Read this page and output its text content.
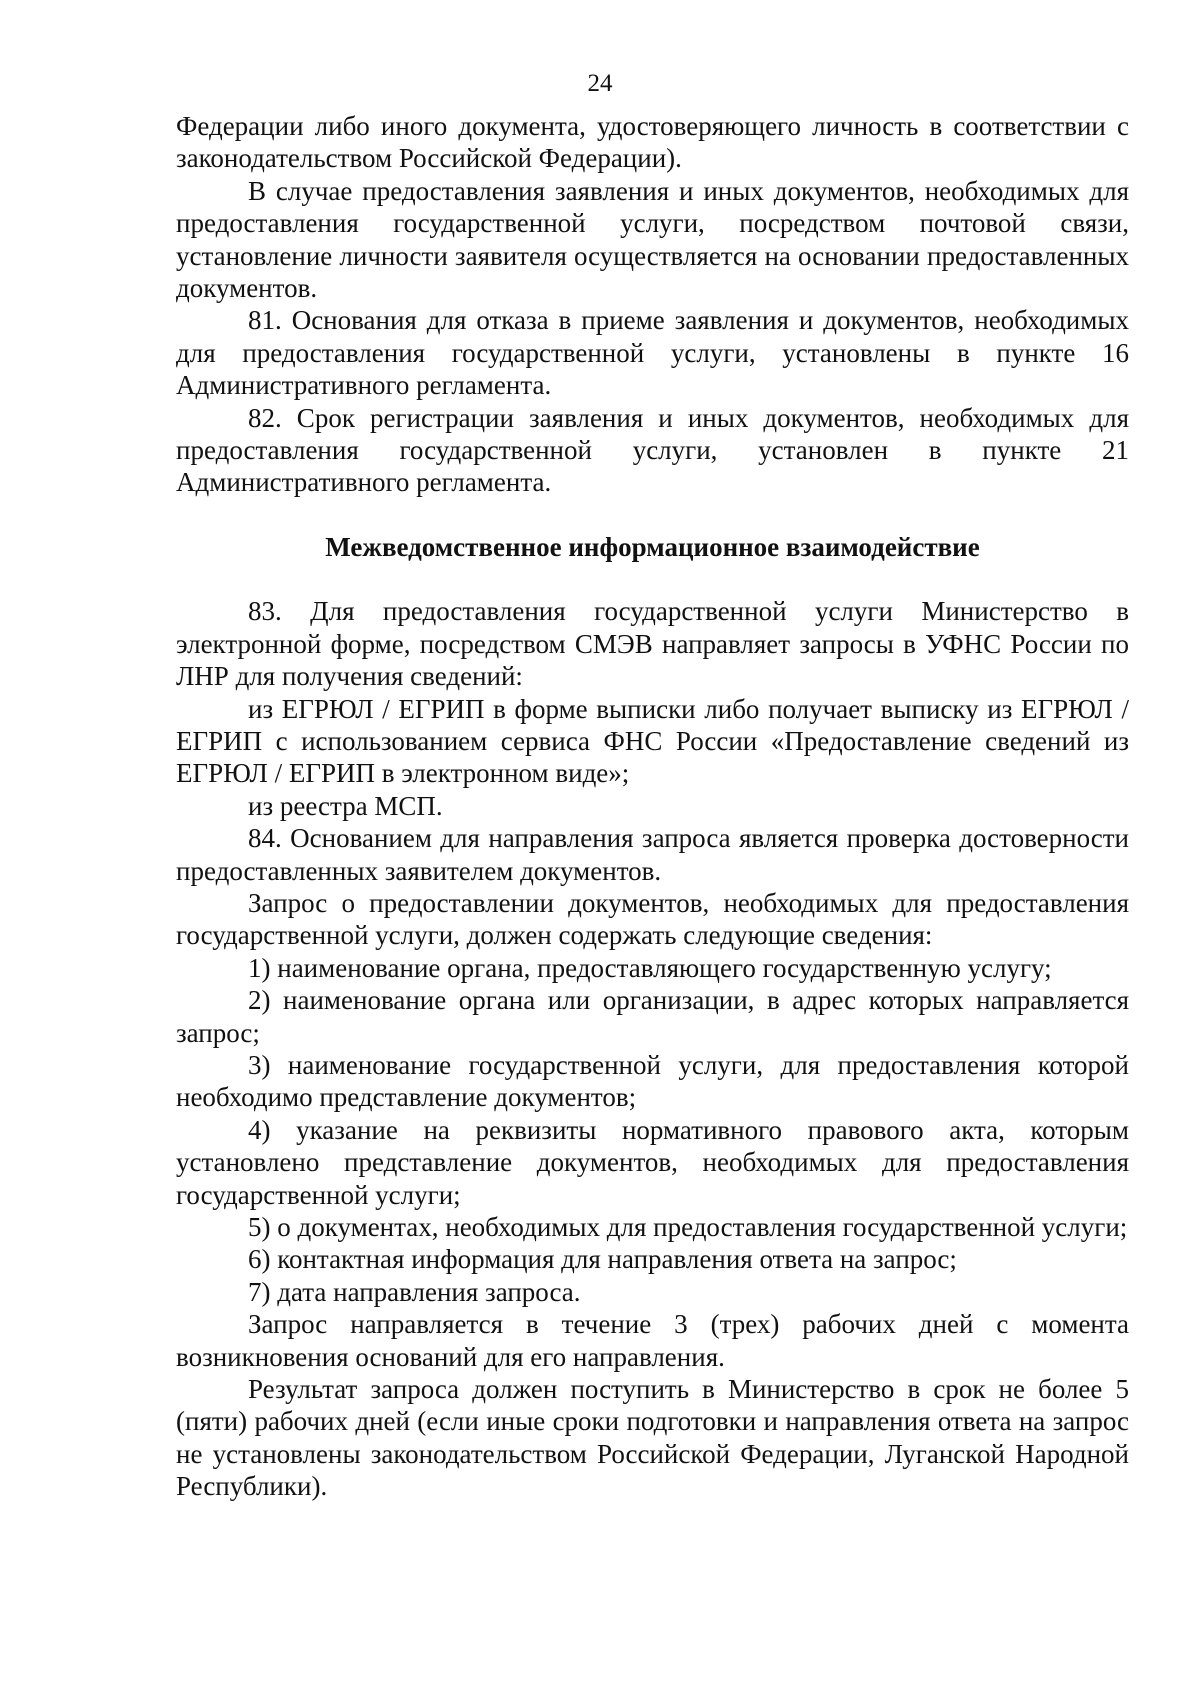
24

Федерации либо иного документа, удостоверяющего личность в соответствии с законодательством Российской Федерации).

В случае предоставления заявления и иных документов, необходимых для предоставления государственной услуги, посредством почтовой связи, установление личности заявителя осуществляется на основании предоставленных документов.

81. Основания для отказа в приеме заявления и документов, необходимых для предоставления государственной услуги, установлены в пункте 16 Административного регламента.

82. Срок регистрации заявления и иных документов, необходимых для предоставления государственной услуги, установлен в пункте 21 Административного регламента.

Межведомственное информационное взаимодействие

83. Для предоставления государственной услуги Министерство в электронной форме, посредством СМЭВ направляет запросы в УФНС России по ЛНР для получения сведений:

из ЕГРЮЛ / ЕГРИП в форме выписки либо получает выписку из ЕГРЮЛ / ЕГРИП с использованием сервиса ФНС России «Предоставление сведений из ЕГРЮЛ / ЕГРИП в электронном виде»;

из реестра МСП.

84. Основанием для направления запроса является проверка достоверности предоставленных заявителем документов.

Запрос о предоставлении документов, необходимых для предоставления государственной услуги, должен содержать следующие сведения:

1) наименование органа, предоставляющего государственную услугу;

2) наименование органа или организации, в адрес которых направляется запрос;

3) наименование государственной услуги, для предоставления которой необходимо представление документов;

4) указание на реквизиты нормативного правового акта, которым установлено представление документов, необходимых для предоставления государственной услуги;

5) о документах, необходимых для предоставления государственной услуги;

6) контактная информация для направления ответа на запрос;

7) дата направления запроса.

Запрос направляется в течение 3 (трех) рабочих дней с момента возникновения оснований для его направления.

Результат запроса должен поступить в Министерство в срок не более 5 (пяти) рабочих дней (если иные сроки подготовки и направления ответа на запрос не установлены законодательством Российской Федерации, Луганской Народной Республики).
